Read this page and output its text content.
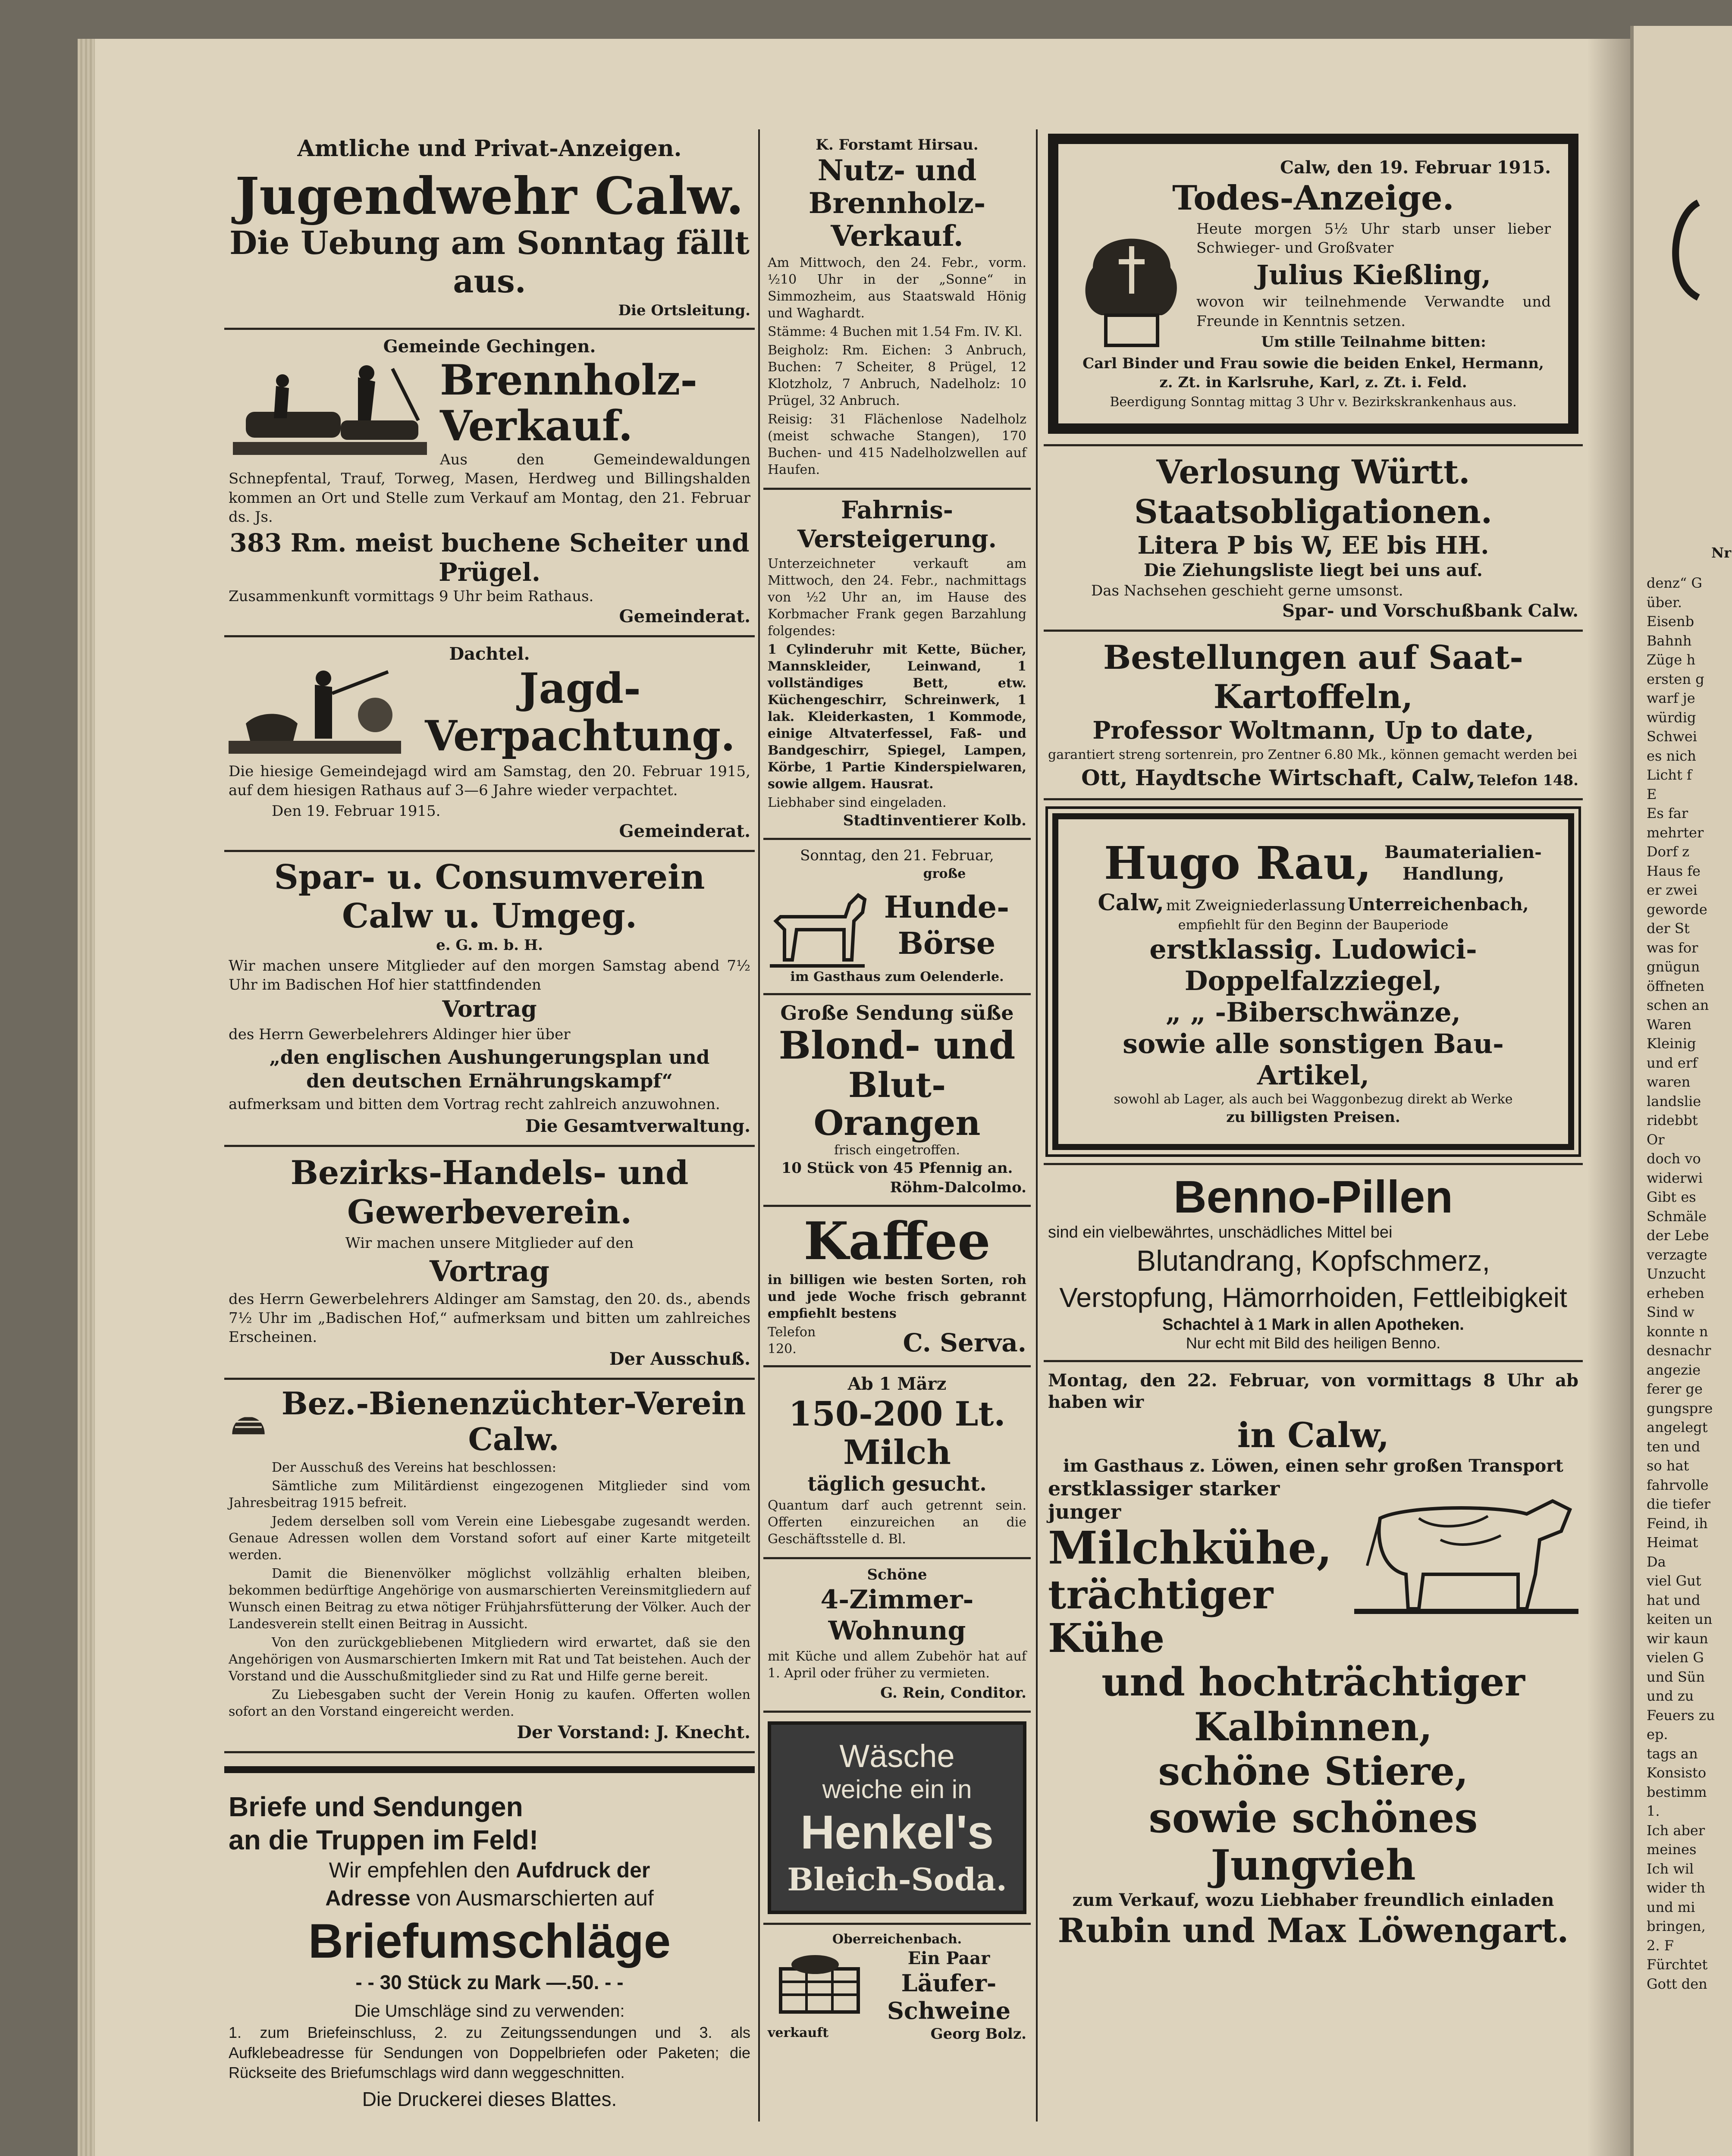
Nr
denz“ G
über.
Eisenb
Bahnh
Züge h
ersten g
warf je
würdig
Schwei
es nich
Licht f
E
Es far
mehrter
Dorf z
Haus fe
er zwei
geworde
der St
was for
gnügun
öffneten
schen an
Waren
Kleinig
und erf
waren
landslie
ridebbt
Or
doch vo
widerwi
Gibt es
Schmäle
der Lebe
verzagte
Unzucht
erheben
Sind w
konnte n
desnachr
angezie
ferer ge
gungspre
angelegt
ten und
so hat
fahrvolle
die tiefer
Feind, ih
Heimat
Da
viel Gut
hat und
keiten un
wir kaun
vielen G
und Sün
und zu
Feuers zu
ep.
tags an
Konsisto
bestimm
1.
Ich aber
meines
Ich wil
wider th
und mi
bringen,
2. F
Fürchtet
Gott den
Amtliche und Privat-Anzeigen.
Jugendwehr Calw.
Die Uebung am Sonntag fällt aus.
Die Ortsleitung.
Gemeinde Gechingen.
Brennholz-Verkauf.

Aus den Gemeindewaldungen Schnepfental, Trauf, Torweg, Masen, Herdweg und Billingshalden kommen an Ort und Stelle zum Verkauf am Montag, den 21. Februar ds. Js.

383 Rm. meist buchene Scheiter und Prügel.
Zusammenkunft vormittags 9 Uhr beim Rathaus.
Gemeinderat.
Dachtel.
Jagd-Verpachtung.

Die hiesige Gemeindejagd wird am Samstag, den 20. Februar 1915, auf dem hiesigen Rathaus auf 3—6 Jahre wieder verpachtet.

Den 19. Februar 1915.
Gemeinderat.
Spar- u. Consumverein Calw u. Umgeg.
e. G. m. b. H.

Wir machen unsere Mitglieder auf den morgen Samstag abend 7½ Uhr im Badischen Hof hier stattfindenden

Vortrag

des Herrn Gewerbelehrers Aldinger hier über

„den englischen Aushungerungsplan und den deutschen Ernährungskampf“

aufmerksam und bitten dem Vortrag recht zahlreich anzuwohnen.

Die Gesamtverwaltung.
Bezirks-Handels- und Gewerbeverein.

Wir machen unsere Mitglieder auf den

Vortrag

des Herrn Gewerbelehrers Aldinger am Samstag, den 20. ds., abends 7½ Uhr im „Badischen Hof,“ aufmerksam und bitten um zahlreiches Erscheinen.

Der Ausschuß.
Bez.-Bienenzüchter-Verein Calw.

Der Ausschuß des Vereins hat beschlossen:

Sämtliche zum Militärdienst eingezogenen Mitglieder sind vom Jahresbeitrag 1915 befreit.

Jedem derselben soll vom Verein eine Liebesgabe zugesandt werden. Genaue Adressen wollen dem Vorstand sofort auf einer Karte mitgeteilt werden.

Damit die Bienenvölker möglichst vollzählig erhalten bleiben, bekommen bedürftige Angehörige von ausmarschierten Vereinsmitgliedern auf Wunsch einen Beitrag zu etwa nötiger Frühjahrsfütterung der Völker. Auch der Landesverein stellt einen Beitrag in Aussicht.

Von den zurückgebliebenen Mitgliedern wird erwartet, daß sie den Angehörigen von Ausmarschierten Imkern mit Rat und Tat beistehen. Auch der Vorstand und die Ausschußmitglieder sind zu Rat und Hilfe gerne bereit.

Zu Liebesgaben sucht der Verein Honig zu kaufen. Offerten wollen sofort an den Vorstand eingereicht werden.

Der Vorstand: J. Knecht.
Briefe und Sendungen
an die Truppen im Feld!
Wir empfehlen den Aufdruck der
Adresse von Ausmarschierten auf
Briefumschläge
- - 30 Stück zu Mark —.50. - -
Die Umschläge sind zu verwenden:

1. zum Briefeinschluss, 2. zu Zeitungssendungen und 3. als Aufklebeadresse für Sendungen von Doppelbriefen oder Paketen; die Rückseite des Briefumschlags wird dann weggeschnitten.

Die Druckerei dieses Blattes.
K. Forstamt Hirsau.
Nutz- und Brennholz-Verkauf.

Am Mittwoch, den 24. Febr., vorm. ½10 Uhr in der „Sonne“ in Simmozheim, aus Staatswald Hönig und Waghardt.

Stämme: 4 Buchen mit 1.54 Fm. IV. Kl.

Beigholz: Rm. Eichen: 3 Anbruch, Buchen: 7 Scheiter, 8 Prügel, 12 Klotzholz, 7 Anbruch, Nadelholz: 10 Prügel, 32 Anbruch.

Reisig: 31 Flächenlose Nadelholz (meist schwache Stangen), 170 Buchen- und 415 Nadelholzwellen auf Haufen.

Fahrnis-Versteigerung.

Unterzeichneter verkauft am Mittwoch, den 24. Febr., nachmittags von ½2 Uhr an, im Hause des Korbmacher Frank gegen Barzahlung folgendes:

1 Cylinderuhr mit Kette, Bücher, Mannskleider, Leinwand, 1 vollständiges Bett, etw. Küchengeschirr, Schreinwerk, 1 lak. Kleiderkasten, 1 Kommode, einige Altvaterfessel, Faß- und Bandgeschirr, Spiegel, Lampen, Körbe, 1 Partie Kinderspielwaren, sowie allgem. Hausrat.

Liebhaber sind eingeladen.
Stadtinventierer Kolb.
Sonntag, den 21. Februar,
große
Hunde-
Börse
im Gasthaus zum Oelenderle.
Große Sendung süße
Blond- und
Blut-Orangen
frisch eingetroffen.
10 Stück von 45 Pfennig an.
Röhm-Dalcolmo.
Kaffee

in billigen wie besten Sorten, roh und jede Woche frisch gebrannt empfiehlt bestens

Telefon 120.	C. Serva.
Ab 1 März
150-200 Lt. Milch
täglich gesucht.

Quantum darf auch getrennt sein. Offerten einzureichen an die Geschäftsstelle d. Bl.

Schöne
4-Zimmer-Wohnung

mit Küche und allem Zubehör hat auf 1. April oder früher zu vermieten.

G. Rein, Conditor.
Wäsche
weiche ein in
Henkel's
Bleich-Soda.
Oberreichenbach.
Ein Paar
Läufer-
Schweine
verkauft	Georg Bolz.
Calw, den 19. Februar 1915.
Todes-Anzeige.

Heute morgen 5½ Uhr starb unser lieber Schwieger- und Großvater

Julius Kießling,

wovon wir teilnehmende Verwandte und Freunde in Kenntnis setzen.

Um stille Teilnahme bitten:

Carl Binder und Frau sowie die beiden Enkel, Hermann, z. Zt. in Karlsruhe, Karl, z. Zt. i. Feld.

Beerdigung Sonntag mittag 3 Uhr v. Bezirkskrankenhaus aus.
Verlosung Württ. Staatsobligationen.
Litera P bis W, EE bis HH.
Die Ziehungsliste liegt bei uns auf.
Das Nachsehen geschieht gerne umsonst.
Spar- und Vorschußbank Calw.
Bestellungen auf Saat-Kartoffeln,
Professor Woltmann, Up to date,

garantiert streng sortenrein, pro Zentner 6.80 Mk., können gemacht werden bei

Ott, Haydtsche Wirtschaft, Calw, Telefon 148.
Hugo Rau, Baumaterialien-Handlung,
Calw, mit Zweigniederlassung Unterreichenbach,
empfiehlt für den Beginn der Bauperiode
erstklassig. Ludowici-Doppelfalzziegel,
„ „ -Biberschwänze,
sowie alle sonstigen Bau-Artikel,
sowohl ab Lager, als auch bei Waggonbezug direkt ab Werke
zu billigsten Preisen.
Benno-Pillen
sind ein vielbewährtes, unschädliches Mittel bei
Blutandrang, Kopfschmerz,
Verstopfung, Hämorrhoiden, Fettleibigkeit
Schachtel à 1 Mark in allen Apotheken.
Nur echt mit Bild des heiligen Benno.

Montag, den 22. Februar, von vormittags 8 Uhr ab haben wir

in Calw,
im Gasthaus z. Löwen, einen sehr großen Transport
erstklassiger starker junger
Milchkühe,
trächtiger Kühe
und hochträchtiger Kalbinnen,
schöne Stiere,
sowie schönes Jungvieh
zum Verkauf, wozu Liebhaber freundlich einladen
Rubin und Max Löwengart.
